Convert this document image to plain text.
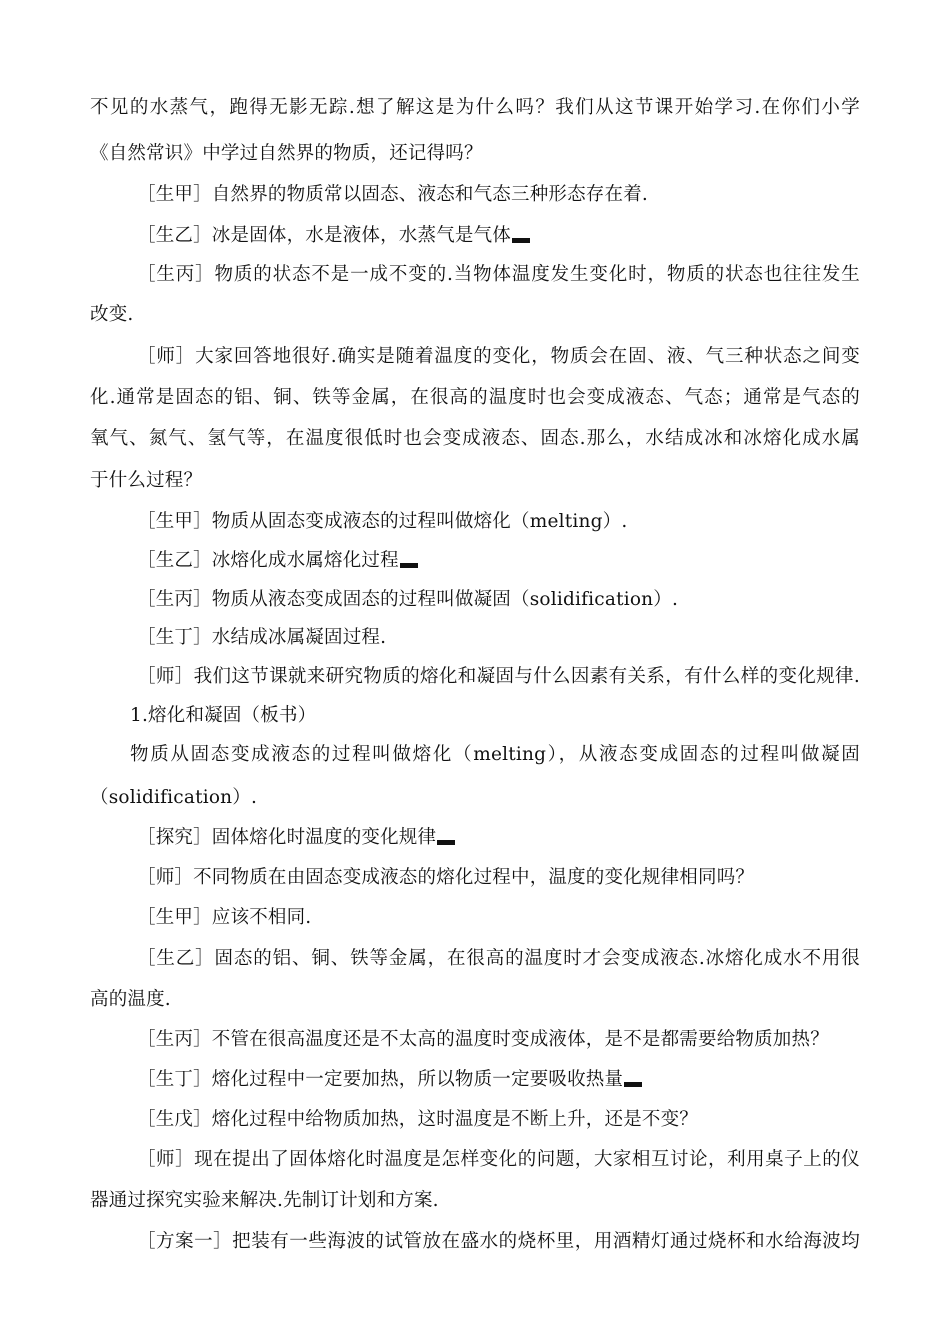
不见的水蒸气，跑得无影无踪.想了解这是为什么吗？我们从这节课开始学习.在你们小学
《自然常识》中学过自然界的物质，还记得吗？
［生甲］自然界的物质常以固态、液态和气态三种形态存在着.
［生乙］冰是固体，水是液体，水蒸气是气体
［生丙］物质的状态不是一成不变的.当物体温度发生变化时，物质的状态也往往发生
改变.
［师］大家回答地很好.确实是随着温度的变化，物质会在固、液、气三种状态之间变
化.通常是固态的铝、铜、铁等金属，在很高的温度时也会变成液态、气态；通常是气态的
氧气、氮气、氢气等，在温度很低时也会变成液态、固态.那么，水结成冰和冰熔化成水属
于什么过程？
［生甲］物质从固态变成液态的过程叫做熔化（melting）.
［生乙］冰熔化成水属熔化过程
［生丙］物质从液态变成固态的过程叫做凝固（solidification）.
［生丁］水结成冰属凝固过程.
［师］我们这节课就来研究物质的熔化和凝固与什么因素有关系，有什么样的变化规律.
1.熔化和凝固（板书）
物质从固态变成液态的过程叫做熔化（melting），从液态变成固态的过程叫做凝固
（solidification）.
［探究］固体熔化时温度的变化规律
［师］不同物质在由固态变成液态的熔化过程中，温度的变化规律相同吗？
［生甲］应该不相同.
［生乙］固态的铝、铜、铁等金属，在很高的温度时才会变成液态.冰熔化成水不用很
高的温度.
［生丙］不管在很高温度还是不太高的温度时变成液体，是不是都需要给物质加热？
［生丁］熔化过程中一定要加热，所以物质一定要吸收热量
［生戊］熔化过程中给物质加热，这时温度是不断上升，还是不变？
［师］现在提出了固体熔化时温度是怎样变化的问题，大家相互讨论，利用桌子上的仪
器通过探究实验来解决.先制订计划和方案.
［方案一］把装有一些海波的试管放在盛水的烧杯里，用酒精灯通过烧杯和水给海波均
